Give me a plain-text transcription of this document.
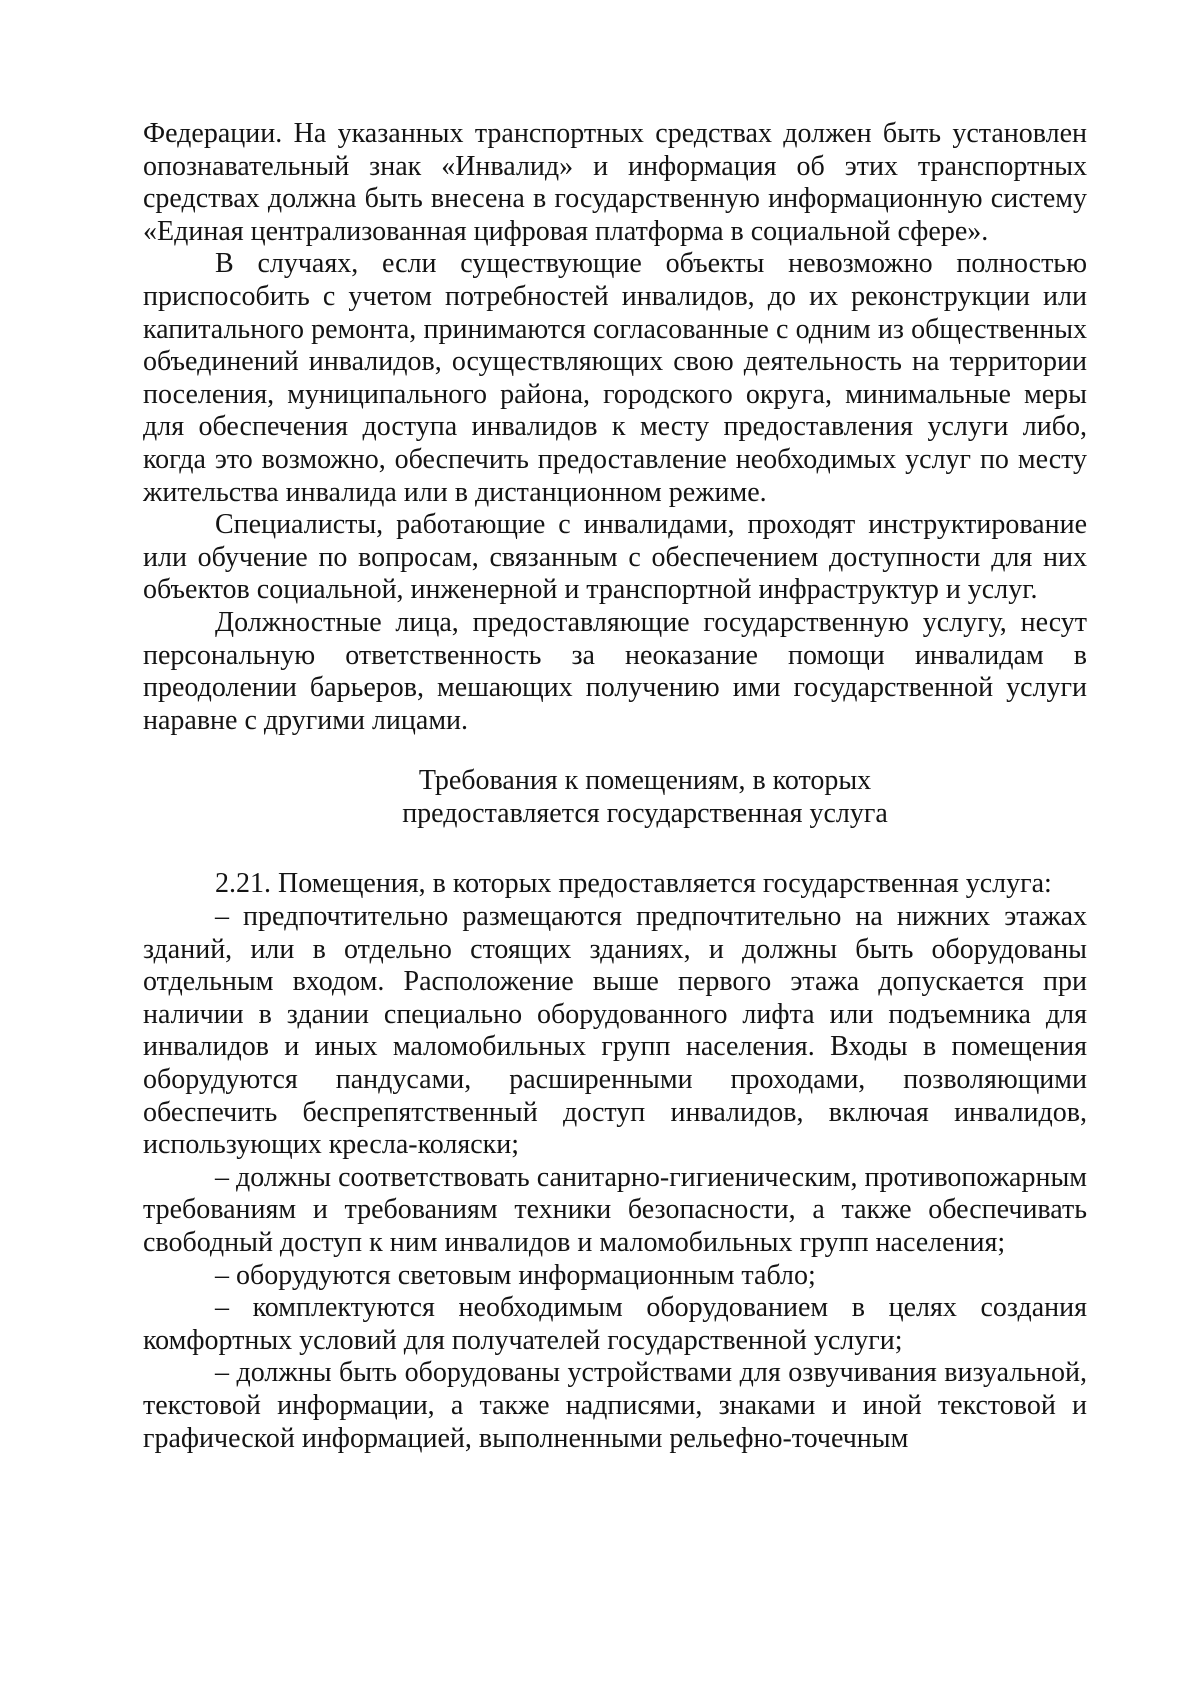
Федерации. На указанных транспортных средствах должен быть установлен опознавательный знак «Инвалид» и информация об этих транспортных средствах должна быть внесена в государственную информационную систему «Единая централизованная цифровая платформа в социальной сфере».

В случаях, если существующие объекты невозможно полностью приспособить с учетом потребностей инвалидов, до их реконструкции или капитального ремонта, принимаются согласованные с одним из общественных объединений инвалидов, осуществляющих свою деятельность на территории поселения, муниципального района, городского округа, минимальные меры для обеспечения доступа инвалидов к месту предоставления услуги либо, когда это возможно, обеспечить предоставление необходимых услуг по месту жительства инвалида или в дистанционном режиме.

Специалисты, работающие с инвалидами, проходят инструктирование или обучение по вопросам, связанным с обеспечением доступности для них объектов социальной, инженерной и транспортной инфраструктур и услуг.

Должностные лица, предоставляющие государственную услугу, несут персональную ответственность за неоказание помощи инвалидам в преодолении барьеров, мешающих получению ими государственной услуги наравне с другими лицами.

Требования к помещениям, в которых
предоставляется государственная услуга

2.21. Помещения, в которых предоставляется государственная услуга:

– предпочтительно размещаются предпочтительно на нижних этажах зданий, или в отдельно стоящих зданиях, и должны быть оборудованы отдельным входом. Расположение выше первого этажа допускается при наличии в здании специально оборудованного лифта или подъемника для инвалидов и иных маломобильных групп населения. Входы в помещения оборудуются пандусами, расширенными проходами, позволяющими обеспечить беспрепятственный доступ инвалидов, включая инвалидов, использующих кресла-коляски;

– должны соответствовать санитарно-гигиеническим, противопожарным требованиям и требованиям техники безопасности, а также обеспечивать свободный доступ к ним инвалидов и маломобильных групп населения;

– оборудуются световым информационным табло;

– комплектуются необходимым оборудованием в целях создания комфортных условий для получателей государственной услуги;

– должны быть оборудованы устройствами для озвучивания визуальной, текстовой информации, а также надписями, знаками и иной текстовой и графической информацией, выполненными рельефно-точечным
